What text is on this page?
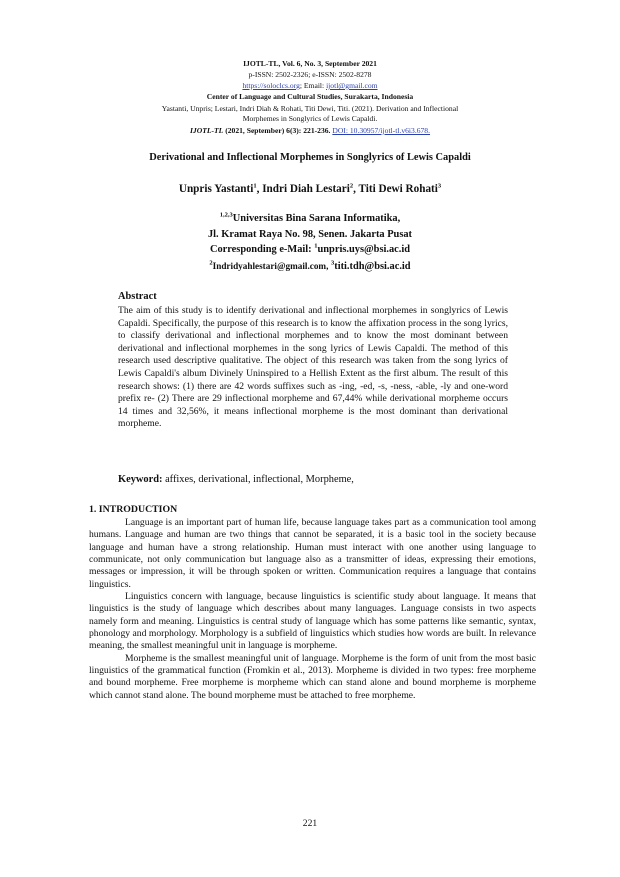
IJOTL-TL, Vol. 6, No. 3, September 2021
p-ISSN: 2502-2326; e-ISSN: 2502-8278
https://soloclcs.org; Email: ijotl@gmail.com
Center of Language and Cultural Studies, Surakarta, Indonesia
Yastanti, Unpris; Lestari, Indri Diah & Rohati, Titi Dewi, Titi. (2021). Derivation and Inflectional
Morphemes in Songlyrics of Lewis Capaldi.
IJOTL-TL (2021, September) 6(3): 221-236. DOI: 10.30957/ijotl-tl.v6i3.678.
Derivational and Inflectional Morphemes in Songlyrics of Lewis Capaldi
Unpris Yastanti$^1$, Indri Diah Lestari$^2$, Titi Dewi Rohati$^3$
$^{1,2,3}$Universitas Bina Sarana Informatika,
Jl. Kramat Raya No. 98, Senen. Jakarta Pusat
Corresponding e-Mail: $^1$unpris.uys@bsi.ac.id
$^2$Indridyahlestari@gmail.com, $^3$titi.tdh@bsi.ac.id
Abstract
The aim of this study is to identify derivational and inflectional morphemes in songlyrics of Lewis Capaldi. Specifically, the purpose of this research is to know the affixation process in the song lyrics, to classify derivational and inflectional morphemes and to know the most dominant between derivational and inflectional morphemes in the song lyrics of Lewis Capaldi. The method of this research used descriptive qualitative. The object of this research was taken from the song lyrics of Lewis Capaldi's album Divinely Uninspired to a Hellish Extent as the first album. The result of this research shows: (1) there are 42 words suffixes such as -ing, -ed, -s, -ness, -able, -ly and one-word prefix re- (2) There are 29 inflectional morpheme and 67,44% while derivational morpheme occurs 14 times and 32,56%, it means inflectional morpheme is the most dominant than derivational morpheme.
Keyword: affixes, derivational, inflectional, Morpheme,
1. INTRODUCTION

Language is an important part of human life, because language takes part as a communication tool among humans. Language and human are two things that cannot be separated, it is a basic tool in the society because language and human have a strong relationship. Human must interact with one another using language to communicate, not only communication but language also as a transmitter of ideas, expressing their emotions, messages or impression, it will be through spoken or written. Communication requires a language that contains linguistics.

Linguistics concern with language, because linguistics is scientific study about language. It means that linguistics is the study of language which describes about many languages. Language consists in two aspects namely form and meaning. Linguistics is central study of language which has some patterns like semantic, syntax, phonology and morphology. Morphology is a subfield of linguistics which studies how words are built. In relevance meaning, the smallest meaningful unit in language is morpheme.

Morpheme is the smallest meaningful unit of language. Morpheme is the form of unit from the most basic linguistics of the grammatical function (Fromkin et al., 2013). Morpheme is divided in two types: free morpheme and bound morpheme. Free morpheme is morpheme which can stand alone and bound morpheme is morpheme which cannot stand alone. The bound morpheme must be attached to free morpheme.

221
